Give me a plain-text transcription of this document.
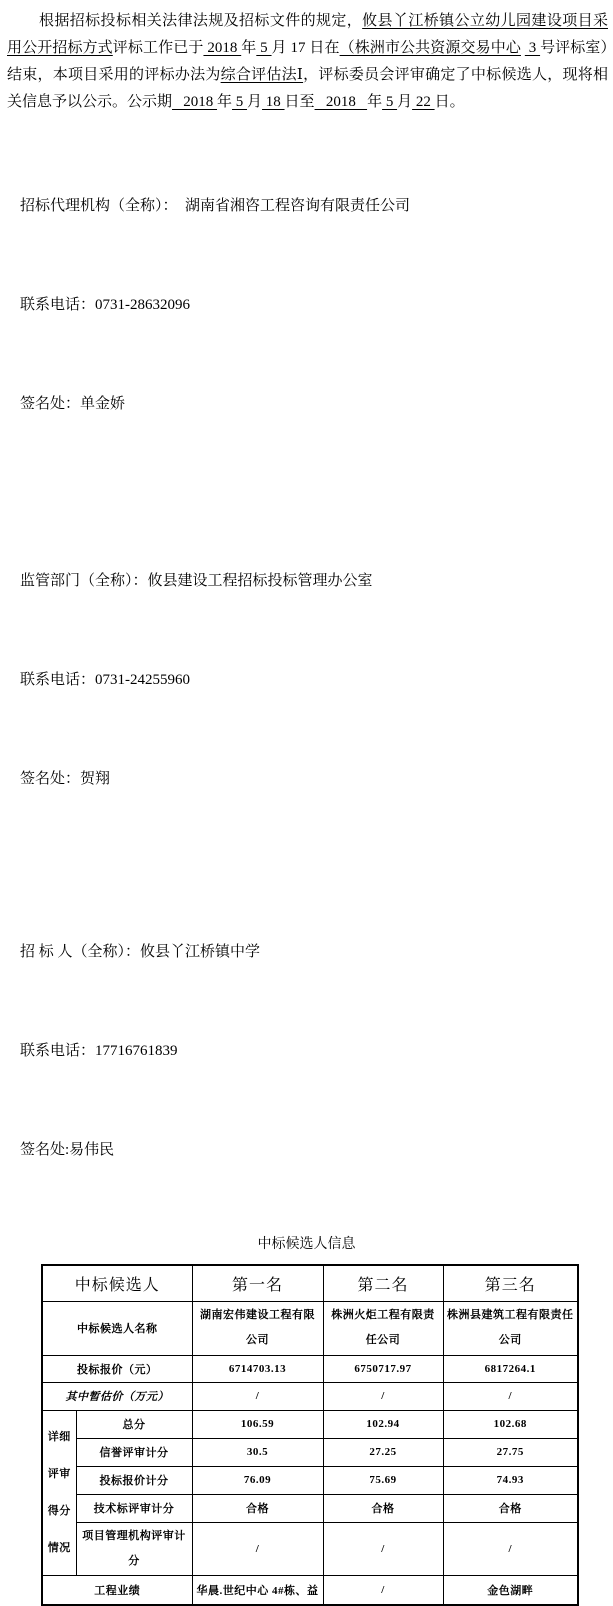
根据招标投标相关法律法规及招标文件的规定，攸县丫江桥镇公立幼儿园建设项目采用公开招标方式评标工作已于 2018 年 5 月 17 日在（株洲市公共资源交易中心  3 号评标室）结束，本项目采用的评标办法为综合评估法Ⅰ，评标委员会评审确定了中标候选人，现将相关信息予以公示。公示期   2018 年 5 月 18 日至   2018   年 5 月 22 日。

招标代理机构（全称）：  湖南省湘咨工程咨询有限责任公司

联系电话：0731-28632096

签名处：单金娇

监管部门（全称）：攸县建设工程招标投标管理办公室

联系电话：0731-24255960

签名处：贺翔

招 标 人（全称）：攸县丫江桥镇中学

联系电话：17716761839

签名处:易伟民

中标候选人信息
中标候选人		第一名	第二名	第三名
中标候选人名称		湖南宏伟建设工程有限公司	株洲火炬工程有限责任公司	株洲县建筑工程有限责任公司
投标报价（元）		6714703.13	6750717.97	6817264.1
其中暂估价（万元）		/	/	/
详细
评审
得分
情况	总分	106.59	102.94	102.68
	信誉评审计分	30.5	27.25	27.75
	投标报价计分	76.09	75.69	74.93
	技术标评审计分	合格	合格	合格
	项目管理机构评审计分	/	/	/
工程业绩		华晨.世纪中心 4#栋、益	/	金色湖畔
